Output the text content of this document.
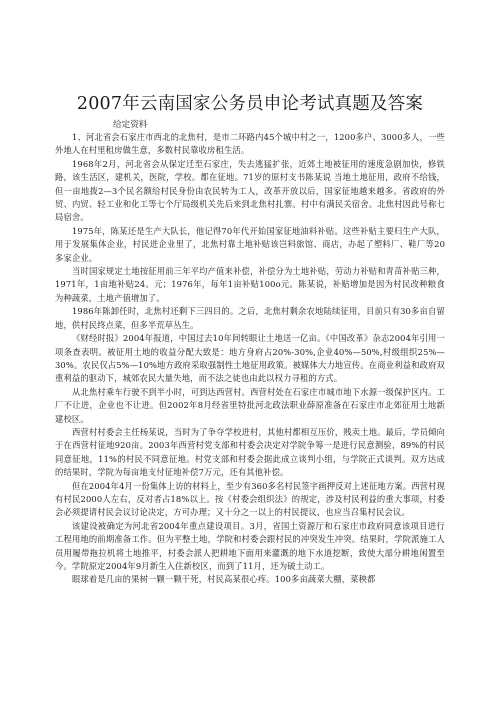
2007年云南国家公务员申论考试真题及答案
给定资料

1、河北省会石家庄市西北的北焦村，是市二环路内45个城中村之一，1200多户、3000多人，一些外地人在村里租房做生意，多数村民靠收房租生活。

1968年2月，河北省会从保定迁至石家庄，失去逃猛扩张，近郊土地被征用的速度急剧加快，修铁路，该生活区，建机关，医院，学校。都在征地。71岁的原村支书陈某说 当地土地征用，政府不给钱，但一亩地拨2—3个民名额给村民身份由农民转为工人，改革开放以后，国家征地越来越多。省政府的外贸、内贸、轻工业和化工等七个厅局级机关先后来到北焦村扎寨。村中有满民关宿舍。北焦村因此号称七局宿舍。

1975年，陈某还是生产大队长，他记得70年代开始国家征地油料补贴。这些补贴主要归生产大队，用于发展集体企业，村民进企业里了，北焦村靠土地补贴该岂料旅馆、商店，办起了塑料厂、鞋厂等20多家企业。

当时国家规定土地按征用前三年平均产值来补偿，补偿分为土地补贴，劳动力补贴和青苗补贴三种，1971年，1亩地补贴24。元；1976年，每年1亩补贴100o元。陈某说，补贴增加是因为村民改种粮食为种蔬菜，土地产值增加了。

1986年陈卸任时，北焦村还剩下三四目的。之后，北焦村剩余农地陆续征用，目前只有30多亩自留地，供村民终点菜，但多半荒草丛生。

《财经时报》2004年报道，中国过去10年间转眼让土地送一亿亩。《中国改革》杂志2004年引用一项条查表明。被征用土地的收益分配大致是：地方身府占20%-30%,企业40%—50%,村级组织25%—30%。农民仅占5%—10%地方政府采取强制性土地征用政策。被媒体大力地宣传。在商业利益和政府双重利益的驱动下，城郊农民大量失地，而不法之徒也由此以权力寻租的方式。

从北焦村乘车行驶不到半小时，可到达西营村。西营村处在石家庄市城市地下水源一级保护区内。工厂不让进，企业也不让进。但2002年8月经省里特批河北政法职业薛原准备在石家庄市北郊征用土地新建校区。

西营村村委会主任杨某说，当时为了争夺学校进村，其他村都相互压价，贱卖土地。最后，学员倾向于在西营村征地920亩。2003年西营村党支部和村委会决定对学院争筹一是进行民意测验，89%的村民同意征地，11%的村民不同意征地。村党支部和村委会据此成立谈判小组，与学院正式谈判。双方达成的结果时，学院为每亩地支付征地补偿7万元，还有其他补偿。

但在2004年4月一份集体上访的材料上，至少有360多名村民签字画押反对上述征地方案。西营村现有村民2000人左右，反对者占18%以上。按《村委会组织法》的规定，涉及村民利益的重大事项，村委会必须提请村民会议讨论决定，方可办理；又十分之一以上的村民提议，也应当召集村民会议。

该建设被确定为河北省2004年重点建设项目。3月，省国土资源厅和石家庄市政府同意该项目进行工程用地的前期准备工作。但为平整土地，学院和村委会跟村民的冲突发生冲突。结果时，学院派施工人员用履带拖拉机将土地推平，村委会派人把耕地下面用来灌溉的地下水道挖断，致使大部分耕地闲置至今。学院原定2004年9月新生入住新校区，而到了11月，还为破土动工。

眼球着是几亩的果树一颗一颗干死，村民高某很心疼。100多亩蔬菜大棚，菜秧都
